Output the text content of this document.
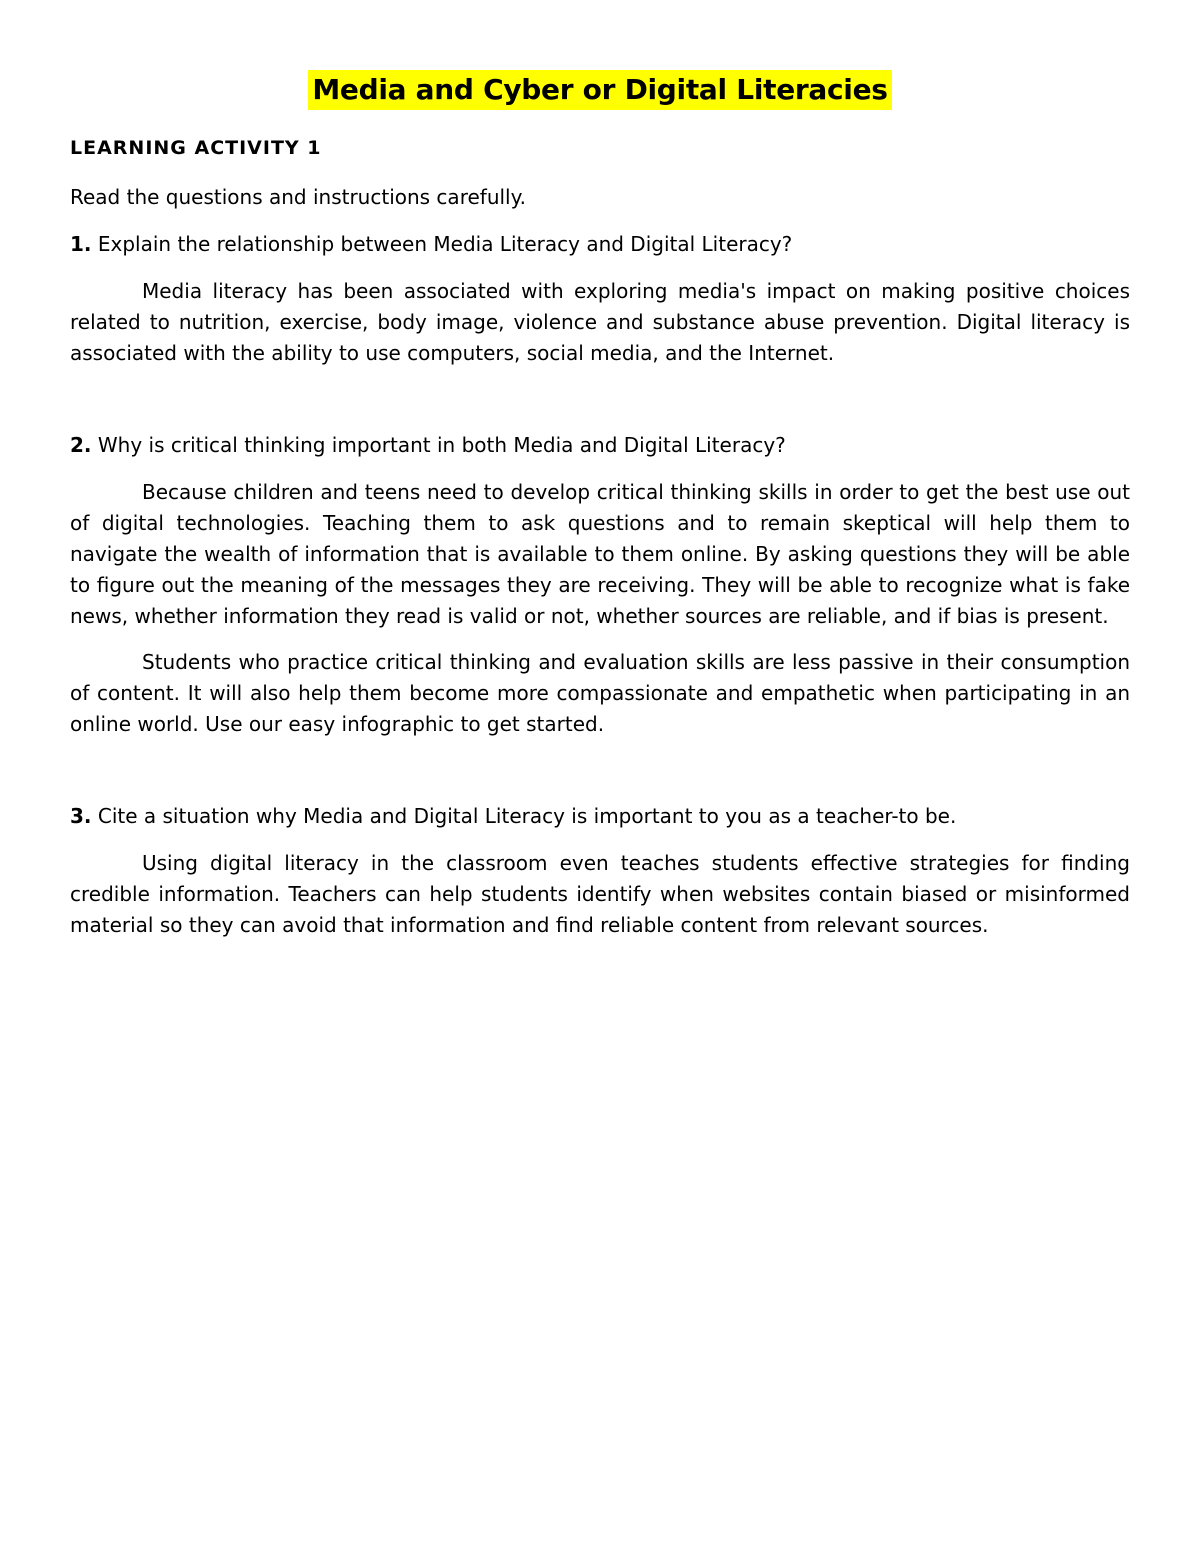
Media and Cyber or Digital Literacies

LEARNING ACTIVITY 1

Read the questions and instructions carefully.

1. Explain the relationship between Media Literacy and Digital Literacy?

Media literacy has been associated with exploring media's impact on making positive choices related to nutrition, exercise, body image, violence and substance abuse prevention. Digital literacy is associated with the ability to use computers, social media, and the Internet.

2. Why is critical thinking important in both Media and Digital Literacy?

Because children and teens need to develop critical thinking skills in order to get the best use out of digital technologies. Teaching them to ask questions and to remain skeptical will help them to navigate the wealth of information that is available to them online. By asking questions they will be able to figure out the meaning of the messages they are receiving. They will be able to recognize what is fake news, whether information they read is valid or not, whether sources are reliable, and if bias is present.

Students who practice critical thinking and evaluation skills are less passive in their consumption of content. It will also help them become more compassionate and empathetic when participating in an online world. Use our easy infographic to get started.

3. Cite a situation why Media and Digital Literacy is important to you as a teacher-to be.

Using digital literacy in the classroom even teaches students effective strategies for finding credible information. Teachers can help students identify when websites contain biased or misinformed material so they can avoid that information and find reliable content from relevant sources.
